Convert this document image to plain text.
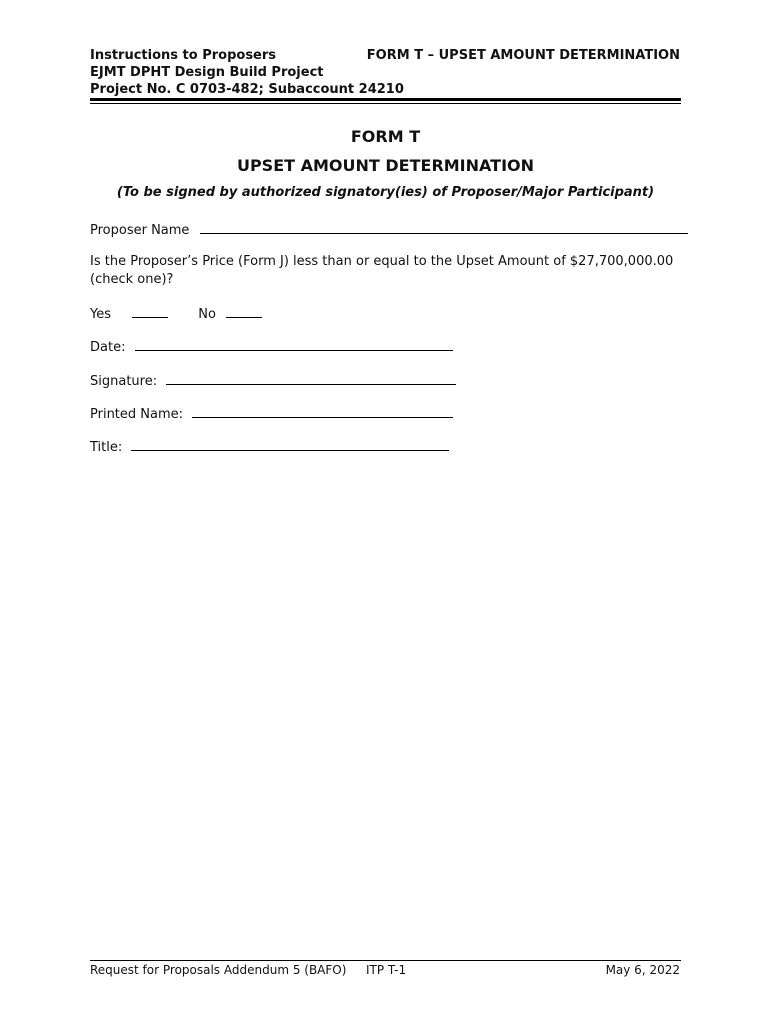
Instructions to Proposers
EJMT DPHT Design Build Project
Project No. C 0703-482; Subaccount 24210
FORM T – UPSET AMOUNT DETERMINATION
FORM T
UPSET AMOUNT DETERMINATION
(To be signed by authorized signatory(ies) of Proposer/Major Participant)
Proposer Name
Is the Proposer’s Price (Form J) less than or equal to the Upset Amount of $27,700,000.00 (check one)?
Yes	No
Date:
Signature:
Printed Name:
Title:
Request for Proposals Addendum 5 (BAFO) ITP T-1	May 6, 2022
